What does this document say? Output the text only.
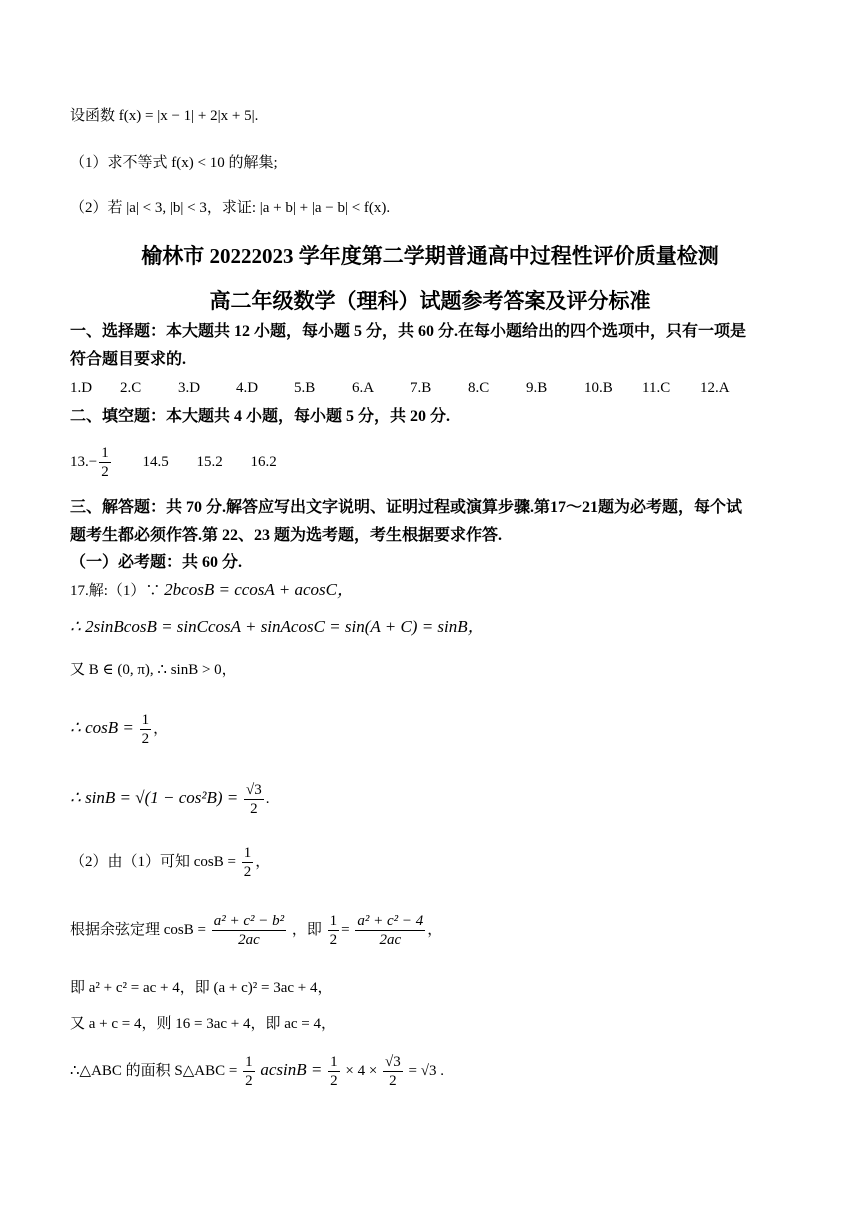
设函数 f(x) = |x − 1| + 2|x + 5|.
（1）求不等式 f(x) < 10 的解集;
（2）若 |a| < 3, |b| < 3，求证: |a + b| + |a − b| < f(x).
榆林市 20222023 学年度第二学期普通高中过程性评价质量检测
高二年级数学（理科）试题参考答案及评分标准
一、选择题：本大题共 12 小题，每小题 5 分，共 60 分.在每小题给出的四个选项中，只有一项是
符合题目要求的.
1.D 2.C 3.D 4.D 5.B 6.A 7.B 8.C 9.B 10.B 11.C 12.A
二、填空题：本大题共 4 小题，每小题 5 分，共 20 分.
$13.- \frac{1}{2} 14.5$ 15.2 16.2
三、解答题：共 70 分.解答应写出文字说明、证明过程或演算步骤.第17～21题为必考题，每个试
题考生都必须作答.第 22、23 题为选考题，考生根据要求作答.
（一）必考题：共 60 分.
17.解:（1）∵ 2bcosB = ccosA + acosC，
∴ 2sinBcosB = sinCcosA + sinAcosC = sin(A + C) = sinB，
又 B ∈ (0, π), ∴ sinB > 0，
∴ $\cos B = \frac{1}{2}$ ，
∴ $\sin B = √(1 - \cos^2B) = \frac{√3}{2}$ .
（2）由（1）可知 $\cos B = \frac{1}{2}$ ，
根据余弦定理 $\cos B = \frac{\text{a² + c² − b²}}{2ac}$ ，即 $\frac{1}{2} = \frac{\text{a² + c² − 4}}{2ac}$ ，
即 a² + c² = ac + 4，即 (a + c)² = 3ac + 4，
又 a + c = 4，则 16 = 3ac + 4，即 ac = 4，
∴△ABC 的面积 S△ABC = $\frac{1}{2}$ $acsinB = \frac{1}{2} \times 4 \times \frac{√3}{2} = √3$ .
